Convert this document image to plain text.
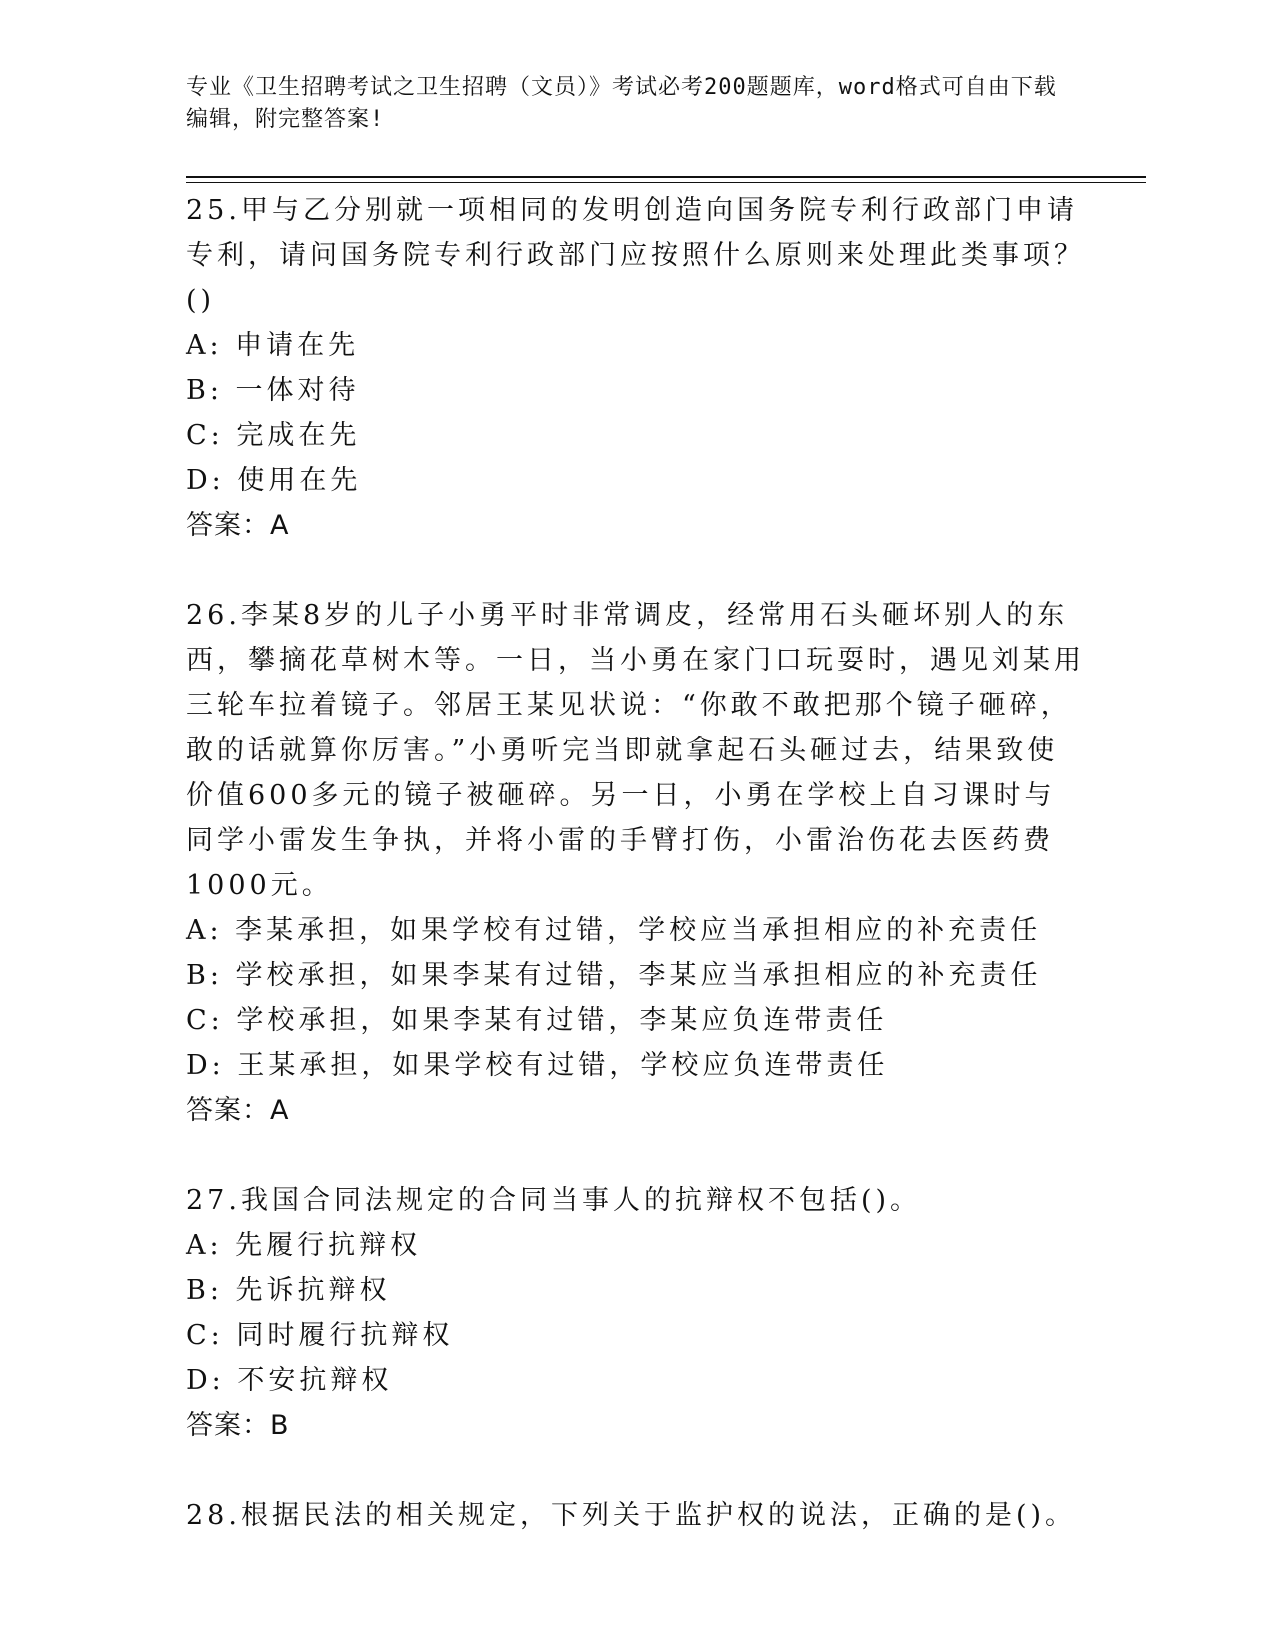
专业《卫生招聘考试之卫生招聘（文员）》考试必考200题题库，word格式可自由下载编辑，附完整答案!
25.甲与乙分别就一项相同的发明创造向国务院专利行政部门申请专利，请问国务院专利行政部门应按照什么原则来处理此类事项？()
A: 申请在先
B: 一体对待
C: 完成在先
D: 使用在先
答案：A
26.李某8岁的儿子小勇平时非常调皮，经常用石头砸坏别人的东西，攀摘花草树木等。一日，当小勇在家门口玩耍时，遇见刘某用三轮车拉着镜子。邻居王某见状说：“你敢不敢把那个镜子砸碎，敢的话就算你厉害。”小勇听完当即就拿起石头砸过去，结果致使价值600多元的镜子被砸碎。另一日，小勇在学校上自习课时与同学小雷发生争执，并将小雷的手臂打伤，小雷治伤花去医药费1000元。
A: 李某承担，如果学校有过错，学校应当承担相应的补充责任
B: 学校承担，如果李某有过错，李某应当承担相应的补充责任
C: 学校承担，如果李某有过错，李某应负连带责任
D: 王某承担，如果学校有过错，学校应负连带责任
答案：A
27.我国合同法规定的合同当事人的抗辩权不包括()。
A: 先履行抗辩权
B: 先诉抗辩权
C: 同时履行抗辩权
D: 不安抗辩权
答案：B
28.根据民法的相关规定，下列关于监护权的说法，正确的是()。
